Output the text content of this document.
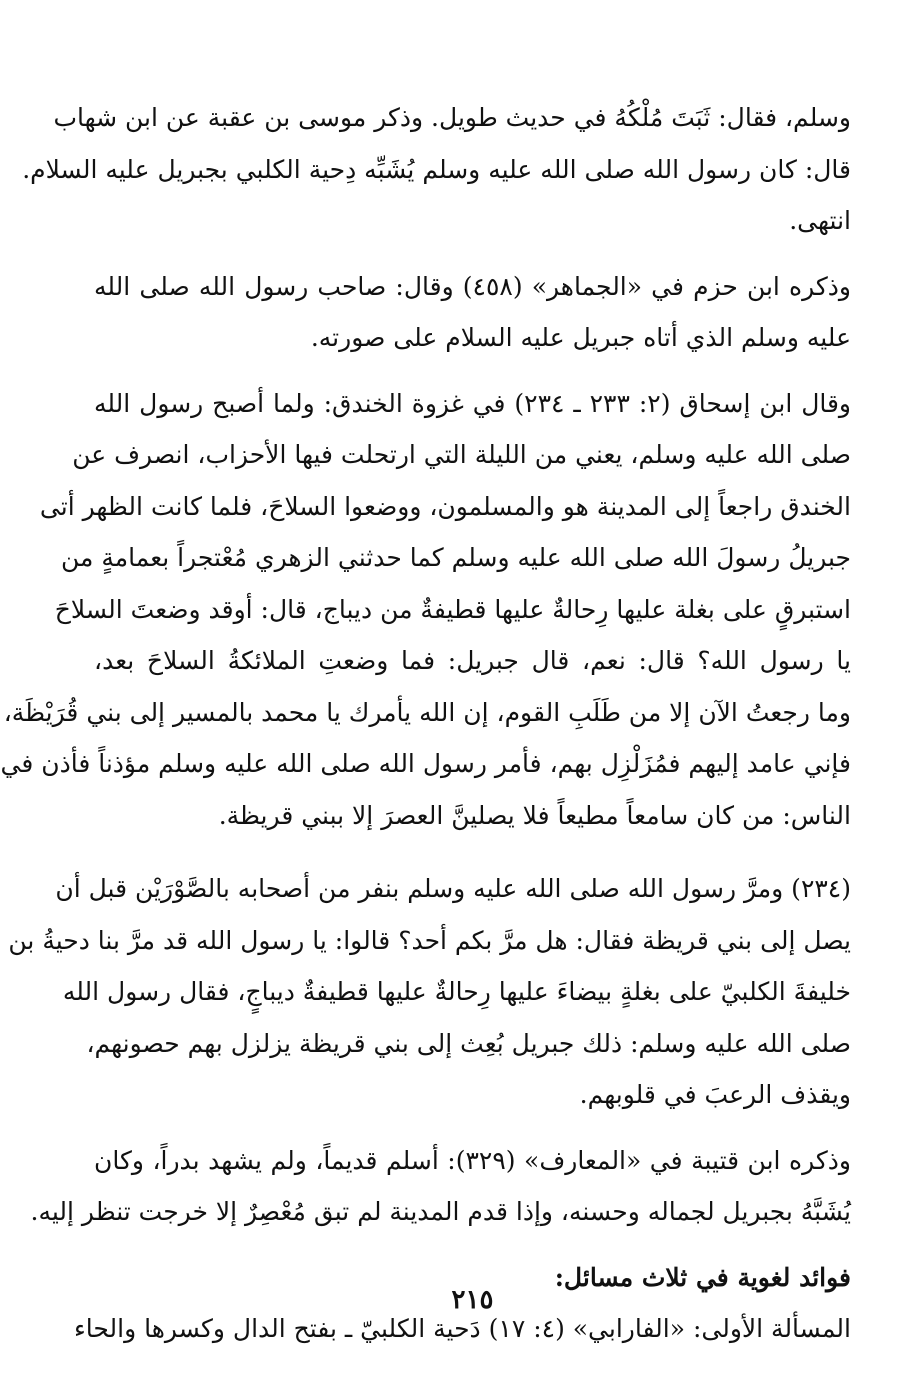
وسلم، فقال: ثَبَتَ مُلْكُهُ في حديث طويل. وذكر موسى بن عقبة عن ابن شهاب
قال: كان رسول الله صلى الله عليه وسلم يُشَبِّه دِحية الكلبي بجبريل عليه السلام.
انتهى.
وذكره ابن حزم في «الجماهر» (٤٥٨) وقال: صاحب رسول الله صلى الله
عليه وسلم الذي أتاه جبريل عليه السلام على صورته.
وقال ابن إسحاق (٢: ٢٣٣ ـ ٢٣٤) في غزوة الخندق: ولما أصبح رسول الله
صلى الله عليه وسلم، يعني من الليلة التي ارتحلت فيها الأحزاب، انصرف عن
الخندق راجعاً إلى المدينة هو والمسلمون، ووضعوا السلاحَ، فلما كانت الظهر أتى
جبريلُ رسولَ الله صلى الله عليه وسلم كما حدثني الزهري مُعْتجراً بعمامةٍ من
استبرقٍ على بغلة عليها رِحالةٌ عليها قطيفةٌ من ديباج، قال: أوقد وضعتَ السلاحَ
يا رسول الله؟ قال: نعم، قال جبريل: فما وضعتِ الملائكةُ السلاحَ بعد،
وما رجعتُ الآن إلا من طَلَبِ القوم، إن الله يأمرك يا محمد بالمسير إلى بني قُرَيْظَة،
فإني عامد إليهم فمُزَلْزِل بهم، فأمر رسول الله صلى الله عليه وسلم مؤذناً فأذن في
الناس: من كان سامعاً مطيعاً فلا يصلينَّ العصرَ إلا ببني قريظة.
(٢٣٤) ومرَّ رسول الله صلى الله عليه وسلم بنفر من أصحابه بالصَّوْرَيْن قبل أن
يصل إلى بني قريظة فقال: هل مرَّ بكم أحد؟ قالوا: يا رسول الله قد مرَّ بنا دحيةُ بن
خليفةَ الكلبيّ على بغلةٍ بيضاءَ عليها رِحالةٌ عليها قطيفةٌ ديباجٍ، فقال رسول الله
صلى الله عليه وسلم: ذلك جبريل بُعِث إلى بني قريظة يزلزل بهم حصونهم،
ويقذف الرعبَ في قلوبهم.
وذكره ابن قتيبة في «المعارف» (٣٢٩): أسلم قديماً، ولم يشهد بدراً، وكان
يُشَبَّهُ بجبريل لجماله وحسنه، وإذا قدم المدينة لم تبق مُعْصِرٌ إلا خرجت تنظر إليه.
فوائد لغوية في ثلاث مسائل:
المسألة الأولى: «الفارابي» (٤: ١٧) دَحية الكلبيّ ـ بفتح الدال وكسرها والحاء
٢١٥
